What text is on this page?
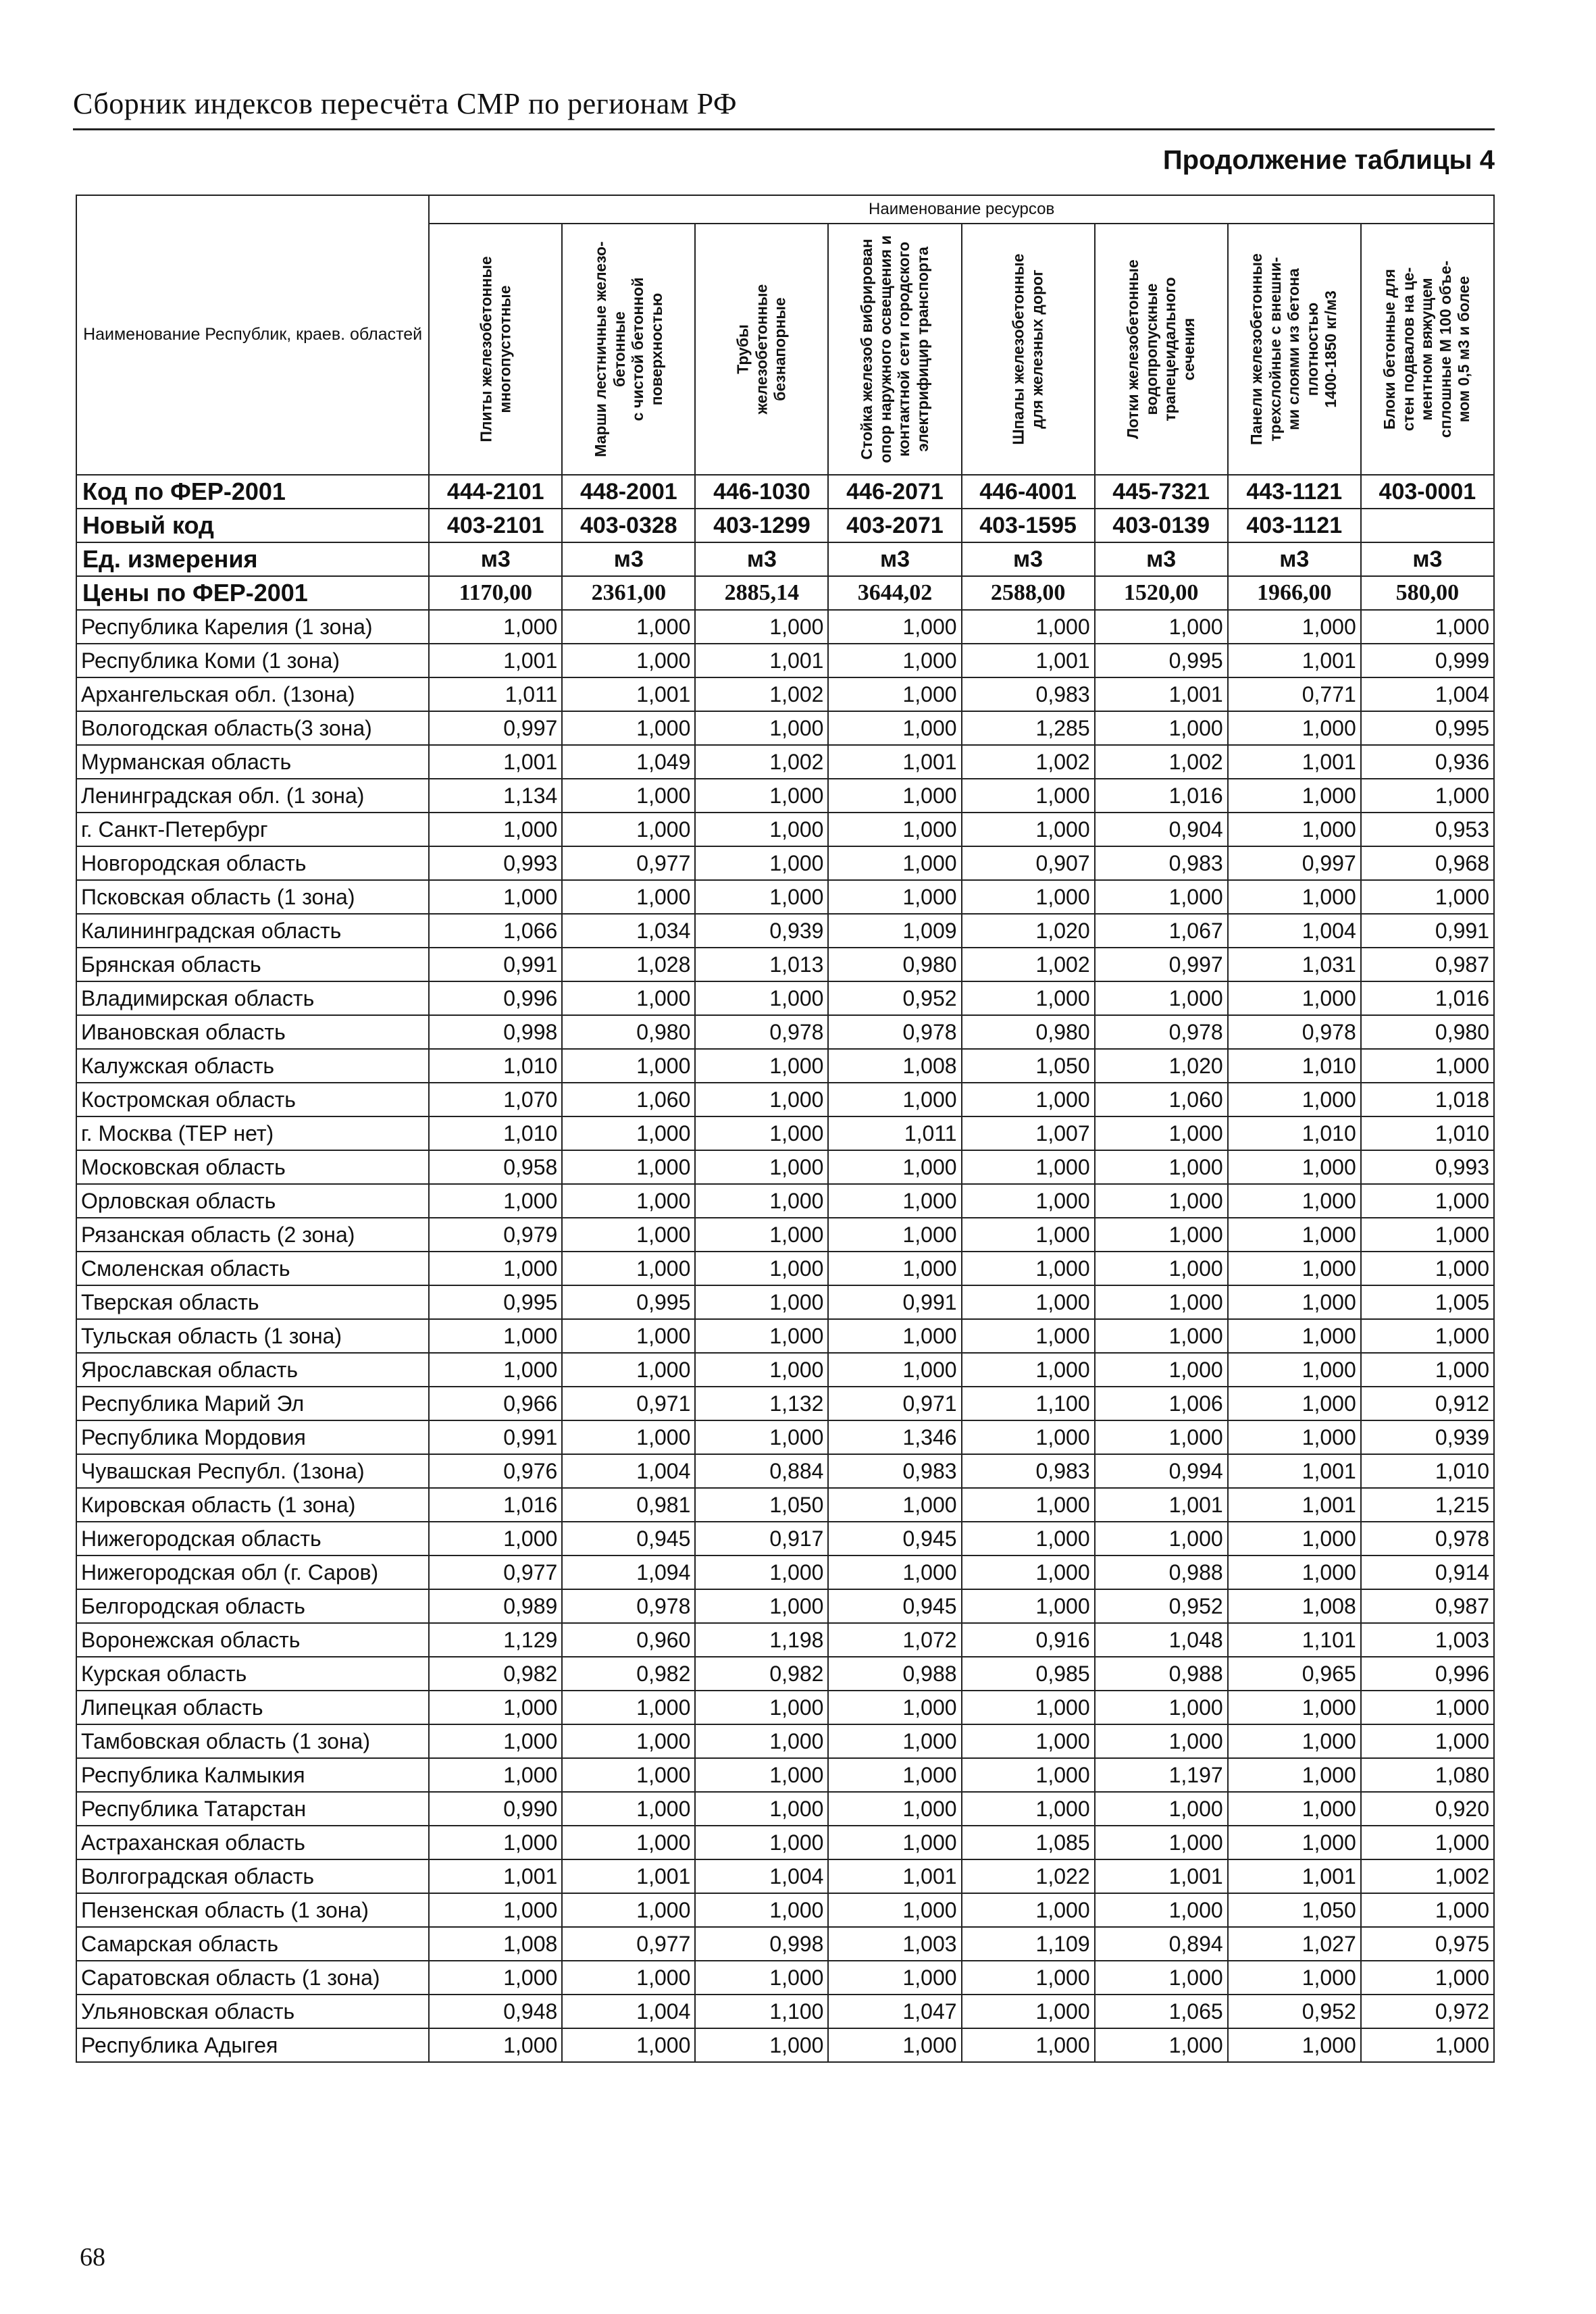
Сборник индексов пересчёта СМР по регионам РФ
Продолжение таблицы 4
Наименование Республик, краев. областей	Наименование ресурсов							

	Плиты железобетонные
многопустотные	Марши лестничные железо-
бетонные
с чистой бетонной
поверхностью	Трубы
железобетонные
безнапорные	Стойка железоб вибрирован
опор наружного освещения и
контактной сети городского
электрифицир транспорта	Шпалы железобетонные
для железных дорог	Лотки железобетонные
водопропускные
трапецеидального
сечения	Панели железобетонные
трехслойные с внешни-
ми слоями из бетона
плотностью
1400-1850 кг/м3	Блоки бетонные для
стен подвалов на це-
ментном вяжущем
сплошные М 100 объе-
мом 0,5 м3 и более

Код по ФЕР-2001	444-2101	448-2001	446-1030	446-2071	446-4001	445-7321	443-1121	403-0001
Новый код	403-2101	403-0328	403-1299	403-2071	403-1595	403-0139	403-1121	
Ед. измерения	м3	м3	м3	м3	м3	м3	м3	м3
Цены по ФЕР-2001	1170,00	2361,00	2885,14	3644,02	2588,00	1520,00	1966,00	580,00
Республика Карелия (1 зона)	1,000	1,000	1,000	1,000	1,000	1,000	1,000	1,000
Республика Коми (1 зона)	1,001	1,000	1,001	1,000	1,001	0,995	1,001	0,999
Архангельская обл. (1зона)	1,011	1,001	1,002	1,000	0,983	1,001	0,771	1,004
Вологодская область(3 зона)	0,997	1,000	1,000	1,000	1,285	1,000	1,000	0,995
Мурманская область	1,001	1,049	1,002	1,001	1,002	1,002	1,001	0,936
Ленинградская обл. (1 зона)	1,134	1,000	1,000	1,000	1,000	1,016	1,000	1,000
г. Санкт-Петербург	1,000	1,000	1,000	1,000	1,000	0,904	1,000	0,953
Новгородская область	0,993	0,977	1,000	1,000	0,907	0,983	0,997	0,968
Псковская область (1 зона)	1,000	1,000	1,000	1,000	1,000	1,000	1,000	1,000
Калининградская область	1,066	1,034	0,939	1,009	1,020	1,067	1,004	0,991
Брянская область	0,991	1,028	1,013	0,980	1,002	0,997	1,031	0,987
Владимирская область	0,996	1,000	1,000	0,952	1,000	1,000	1,000	1,016
Ивановская область	0,998	0,980	0,978	0,978	0,980	0,978	0,978	0,980
Калужская область	1,010	1,000	1,000	1,008	1,050	1,020	1,010	1,000
Костромская область	1,070	1,060	1,000	1,000	1,000	1,060	1,000	1,018
г. Москва (ТЕР нет)	1,010	1,000	1,000	1,011	1,007	1,000	1,010	1,010
Московская область	0,958	1,000	1,000	1,000	1,000	1,000	1,000	0,993
Орловская область	1,000	1,000	1,000	1,000	1,000	1,000	1,000	1,000
Рязанская область (2 зона)	0,979	1,000	1,000	1,000	1,000	1,000	1,000	1,000
Смоленская область	1,000	1,000	1,000	1,000	1,000	1,000	1,000	1,000
Тверская область	0,995	0,995	1,000	0,991	1,000	1,000	1,000	1,005
Тульская область (1 зона)	1,000	1,000	1,000	1,000	1,000	1,000	1,000	1,000
Ярославская область	1,000	1,000	1,000	1,000	1,000	1,000	1,000	1,000
Республика Марий Эл	0,966	0,971	1,132	0,971	1,100	1,006	1,000	0,912
Республика Мордовия	0,991	1,000	1,000	1,346	1,000	1,000	1,000	0,939
Чувашская Республ. (1зона)	0,976	1,004	0,884	0,983	0,983	0,994	1,001	1,010
Кировская область (1 зона)	1,016	0,981	1,050	1,000	1,000	1,001	1,001	1,215
Нижегородская область	1,000	0,945	0,917	0,945	1,000	1,000	1,000	0,978
Нижегородская обл (г. Саров)	0,977	1,094	1,000	1,000	1,000	0,988	1,000	0,914
Белгородская область	0,989	0,978	1,000	0,945	1,000	0,952	1,008	0,987
Воронежская область	1,129	0,960	1,198	1,072	0,916	1,048	1,101	1,003
Курская область	0,982	0,982	0,982	0,988	0,985	0,988	0,965	0,996
Липецкая область	1,000	1,000	1,000	1,000	1,000	1,000	1,000	1,000
Тамбовская область (1 зона)	1,000	1,000	1,000	1,000	1,000	1,000	1,000	1,000
Республика Калмыкия	1,000	1,000	1,000	1,000	1,000	1,197	1,000	1,080
Республика Татарстан	0,990	1,000	1,000	1,000	1,000	1,000	1,000	0,920
Астраханская область	1,000	1,000	1,000	1,000	1,085	1,000	1,000	1,000
Волгоградская область	1,001	1,001	1,004	1,001	1,022	1,001	1,001	1,002
Пензенская область (1 зона)	1,000	1,000	1,000	1,000	1,000	1,000	1,050	1,000
Самарская область	1,008	0,977	0,998	1,003	1,109	0,894	1,027	0,975
Саратовская область (1 зона)	1,000	1,000	1,000	1,000	1,000	1,000	1,000	1,000
Ульяновская область	0,948	1,004	1,100	1,047	1,000	1,065	0,952	0,972
Республика Адыгея	1,000	1,000	1,000	1,000	1,000	1,000	1,000	1,000
68
